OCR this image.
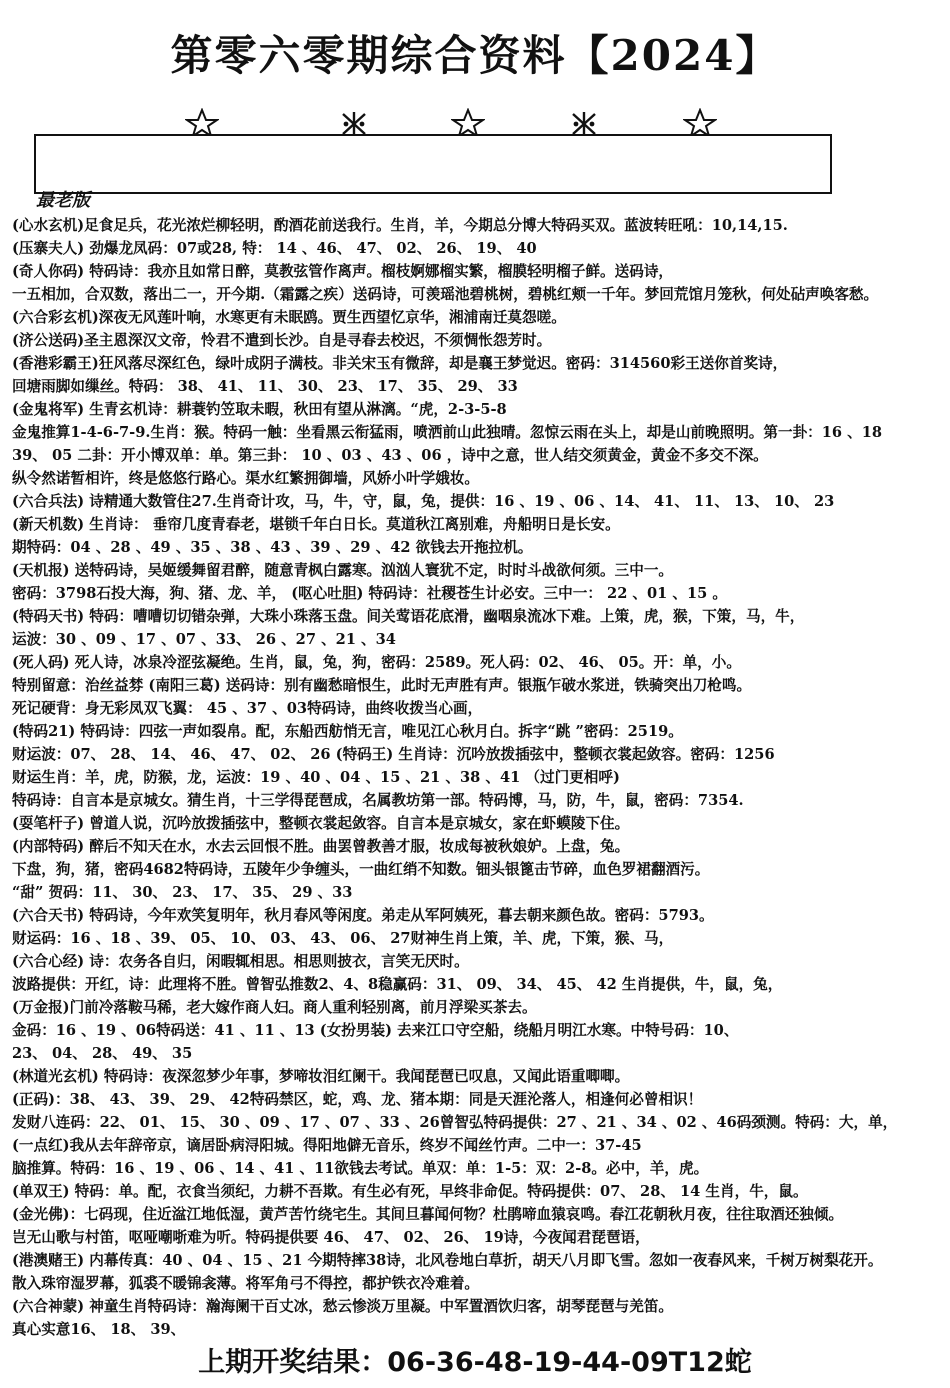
第零六零期综合资料【2024】
最老版
(心水玄机)足食足兵，花光浓烂柳轻明，酌酒花前送我行。生肖，羊，今期总分博大特码买双。蓝波转旺吼：10,14,15.
(压寨夫人) 劲爆龙凤码：07或28, 特： 14 、46、 47、 02、 26、 19、 40
(奇人你码) 特码诗：我亦且如常日醉，莫教弦管作离声。榴枝婀娜榴实繁，榴膜轻明榴子鲜。送码诗，
一五相加，合双数，落出二一，开今期.（霜露之疾）送码诗，可羡瑶池碧桃树，碧桃红颊一千年。梦回荒馆月笼秋，何处砧声唤客愁。
(六合彩玄机)深夜无风莲叶响，水寒更有未眠鸥。贾生西望忆京华，湘浦南迁莫怨嗟。
(济公送码)圣主恩深汉文帝，怜君不遣到长沙。自是寻春去校迟，不须惆怅怨芳时。
(香港彩霸王)狂风落尽深红色，绿叶成阴子满枝。非关宋玉有微辞，却是襄王梦觉迟。密码：314560彩王送你首奖诗，
回塘雨脚如缫丝。特码： 38、 41、 11、 30、 23、 17、 35、 29、 33
(金鬼将军) 生青玄机诗：耕蓑钓笠取未暇，秋田有望从淋漓。“虎，2-3-5-8
金鬼推算1-4-6-7-9.生肖：猴。特码一触：坐看黑云衔猛雨，喷洒前山此独晴。忽惊云雨在头上，却是山前晚照明。第一卦：16 、18
39、 05 二卦：开小博双单：单。第三卦： 10 、03 、43 、06 ，诗中之意，世人结交须黄金，黄金不多交不深。
纵令然诺暂相许，终是悠悠行路心。渠水红繁拥御墙，风娇小叶学娥妆。
(六合兵法) 诗精通大数管住27.生肖奇计攻，马，牛，守，鼠，兔，提供：16 、19 、06 、14、 41、 11、 13、 10、 23
(新天机数) 生肖诗： 垂帘几度青春老，堪锁千年白日长。莫道秋江离别难，舟船明日是长安。
期特码：04 、28 、49 、35 、38 、43 、39 、29 、42 欲钱去开拖拉机。
(天机报) 送特码诗，吴姬缓舞留君醉，随意青枫白露寒。汹汹人寰犹不定，时时斗战欲何须。三中一。
密码：3798石投大海，狗、猪、龙、羊， (呕心吐胆) 特码诗：社稷苍生计必安。三中一： 22 、01 、15 。
(特码天书) 特码：嘈嘈切切错杂弹，大珠小珠落玉盘。间关莺语花底滑，幽咽泉流冰下难。上策，虎，猴，下策，马，牛，
运波：30 、09 、17 、07 、33、 26 、27 、21 、34
(死人码) 死人诗，冰泉冷涩弦凝绝。生肖，鼠，兔，狗，密码：2589。死人码：02、 46、 05。开：单，小。
特别留意：治丝益棼 (南阳三葛) 送码诗：别有幽愁暗恨生，此时无声胜有声。银瓶乍破水浆迸，铁骑突出刀枪鸣。
死记硬背：身无彩凤双飞翼： 45 、37 、03特码诗，曲终收拨当心画，
(特码21) 特码诗：四弦一声如裂帛。配，东船西舫悄无言，唯见江心秋月白。拆字“跳 ”密码：2519。
财运波：07、 28、 14、 46、 47、 02、 26 (特码王) 生肖诗：沉吟放拨插弦中，整顿衣裳起敛容。密码：1256
财运生肖：羊，虎，防猴，龙，运波：19 、40 、04 、15 、21 、38 、41 （过门更相呼)
特码诗：自言本是京城女。猜生肖，十三学得琵琶成，名属教坊第一部。特码博，马，防，牛，鼠，密码：7354.
(耍笔杆子) 曾道人说，沉吟放拨插弦中，整顿衣裳起敛容。自言本是京城女，家在虾蟆陵下住。
(内部特码) 醉后不知天在水，水去云回恨不胜。曲罢曾教善才服，妆成每被秋娘妒。上盘，兔。
下盘，狗，猪，密码4682特码诗，五陵年少争缠头，一曲红绡不知数。钿头银篦击节碎，血色罗裙翻酒污。
“甜” 贺码：11、 30、 23、 17、 35、 29 、33
(六合天书) 特码诗，今年欢笑复明年，秋月春风等闲度。弟走从军阿姨死，暮去朝来颜色故。密码：5793。
财运码：16 、18 、39、 05、 10、 03、 43、 06、 27财神生肖上策，羊、虎，下策，猴、马，
(六合心经) 诗：农务各自归，闲暇辄相思。相思则披衣，言笑无厌时。
波路提供：开红，诗：此理将不胜。曾智弘推数2、4、8稳赢码：31、 09、 34、 45、 42 生肖提供，牛，鼠，兔，
(万金报)门前冷落鞍马稀，老大嫁作商人妇。商人重利轻别离，前月浮梁买茶去。
金码：16 、19 、06特码送：41 、11 、13 (女扮男装) 去来江口守空船，绕船月明江水寒。中特号码：10、
23、 04、 28、 49、 35
(林道光玄机) 特码诗：夜深忽梦少年事，梦啼妆泪红阑干。我闻琵琶已叹息，又闻此语重唧唧。
(正码)：38、 43、 39、 29、 42特码禁区，蛇，鸡、龙、猪本期：同是天涯沦落人，相逢何必曾相识！
发财八连码：22、 01、 15、 30 、09 、17 、07 、33 、26曾智弘特码提供：27 、21 、34 、02 、46码颈测。特码：大，单，
(一点红)我从去年辞帝京，谪居卧病浔阳城。得阳地僻无音乐，终岁不闻丝竹声。二中一：37-45
脑推算。特码：16 、19 、06 、14 、41 、11欲钱去考试。单双：单：1-5：双：2-8。必中，羊，虎。
(单双王) 特码：单。配，衣食当须纪，力耕不吾欺。有生必有死，早终非命促。特码提供：07、 28、 14 生肖，牛，鼠。
(金光佛)：七码现，住近湓江地低湿，黄芦苦竹绕宅生。其间旦暮闻何物？杜鹃啼血猿哀鸣。春江花朝秋月夜，往往取酒还独倾。
岂无山歌与村笛，呕哑嘲哳难为听。特码提供要 46、 47、 02、 26、 19诗，今夜闻君琵琶语，
(港澳赌王) 内幕传真：40 、04 、15 、21 今期特摔38诗，北风卷地白草折，胡天八月即飞雪。忽如一夜春风来，千树万树梨花开。
散入珠帘湿罗幕，狐裘不暖锦衾薄。将军角弓不得控，都护铁衣冷难着。
(六合神蒙) 神童生肖特码诗：瀚海阑干百丈冰，愁云惨淡万里凝。中军置酒饮归客，胡琴琵琶与羌笛。
真心实意16、 18、 39、
上期开奖结果：06-36-48-19-44-09T12蛇
